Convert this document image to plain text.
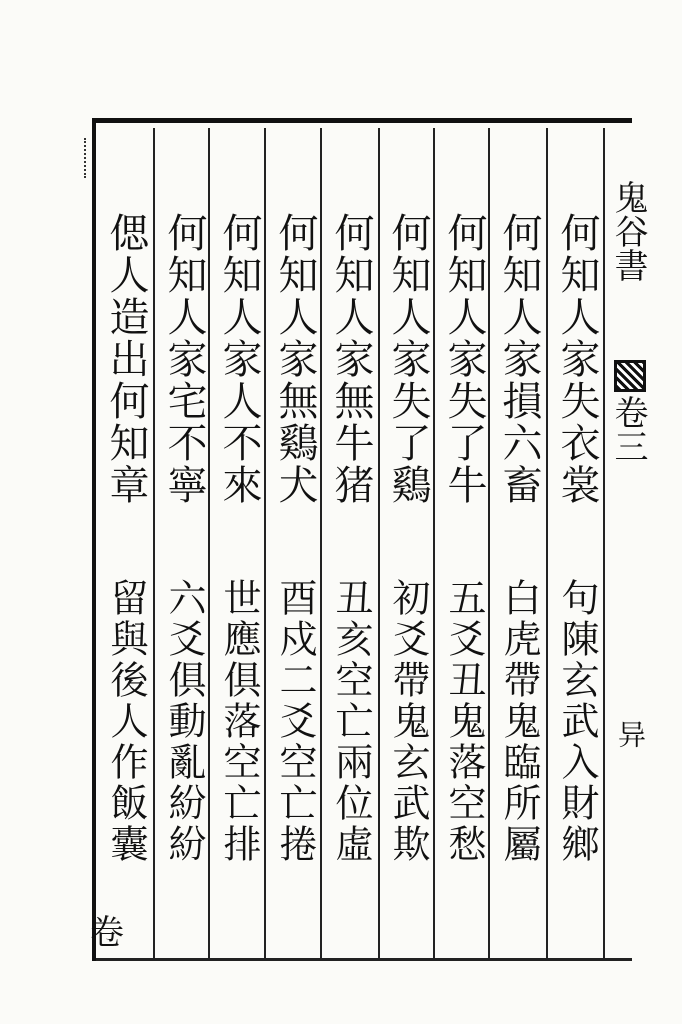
鬼谷書
卷三
异
何知人家失衣裳
句陳玄武入財鄉
何知人家損六畜
白虎帶鬼臨所屬
何知人家失了牛
五爻丑鬼落空愁
何知人家失了鷄
初爻帶鬼玄武欺
何知人家無牛猪
丑亥空亡兩位虛
何知人家無鷄犬
酉戍二爻空亡捲
何知人家人不來
世應俱落空亡排
何知人家宅不寧
六爻俱動亂紛紛
偲人造出何知章
留與後人作飯囊
卷
